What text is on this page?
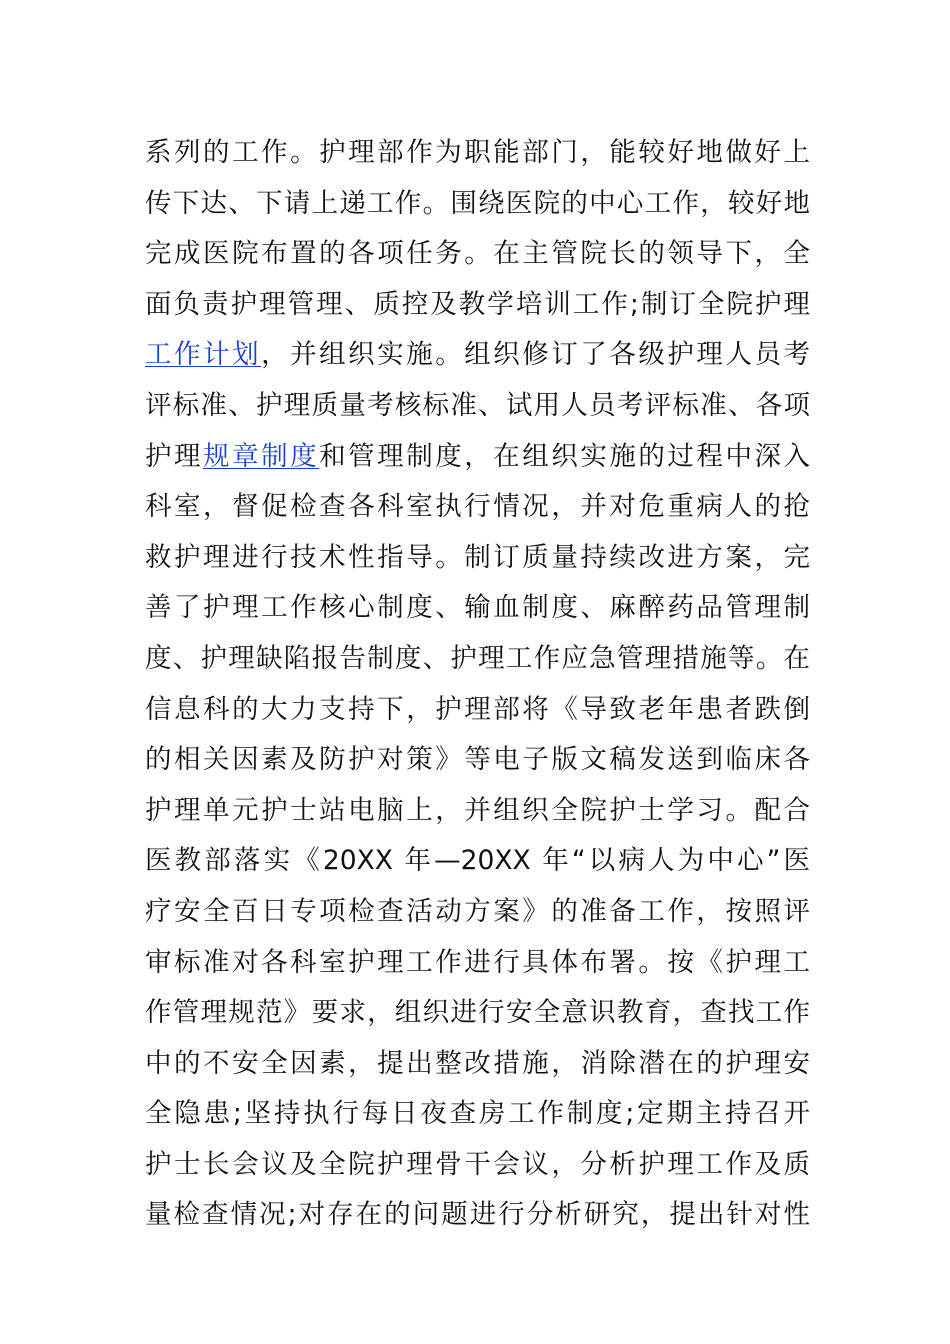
系列的工作。护理部作为职能部门，能较好地做好上
传下达、下请上递工作。围绕医院的中心工作，较好地
完成医院布置的各项任务。在主管院长的领导下，全
面负责护理管理、质控及教学培训工作;制订全院护理
工作计划，并组织实施。组织修订了各级护理人员考
评标准、护理质量考核标准、试用人员考评标准、各项
护理规章制度和管理制度，在组织实施的过程中深入
科室，督促检查各科室执行情况，并对危重病人的抢
救护理进行技术性指导。制订质量持续改进方案，完
善了护理工作核心制度、输血制度、麻醉药品管理制
度、护理缺陷报告制度、护理工作应急管理措施等。在
信息科的大力支持下，护理部将《导致老年患者跌倒
的相关因素及防护对策》等电子版文稿发送到临床各
护理单元护士站电脑上，并组织全院护士学习。配合
医教部落实《20XX 年—20XX 年“以病人为中心”医
疗安全百日专项检查活动方案》的准备工作，按照评
审标准对各科室护理工作进行具体布署。按《护理工
作管理规范》要求，组织进行安全意识教育，查找工作
中的不安全因素，提出整改措施，消除潜在的护理安
全隐患;坚持执行每日夜查房工作制度;定期主持召开
护士长会议及全院护理骨干会议，分析护理工作及质
量检查情况;对存在的问题进行分析研究，提出针对性
